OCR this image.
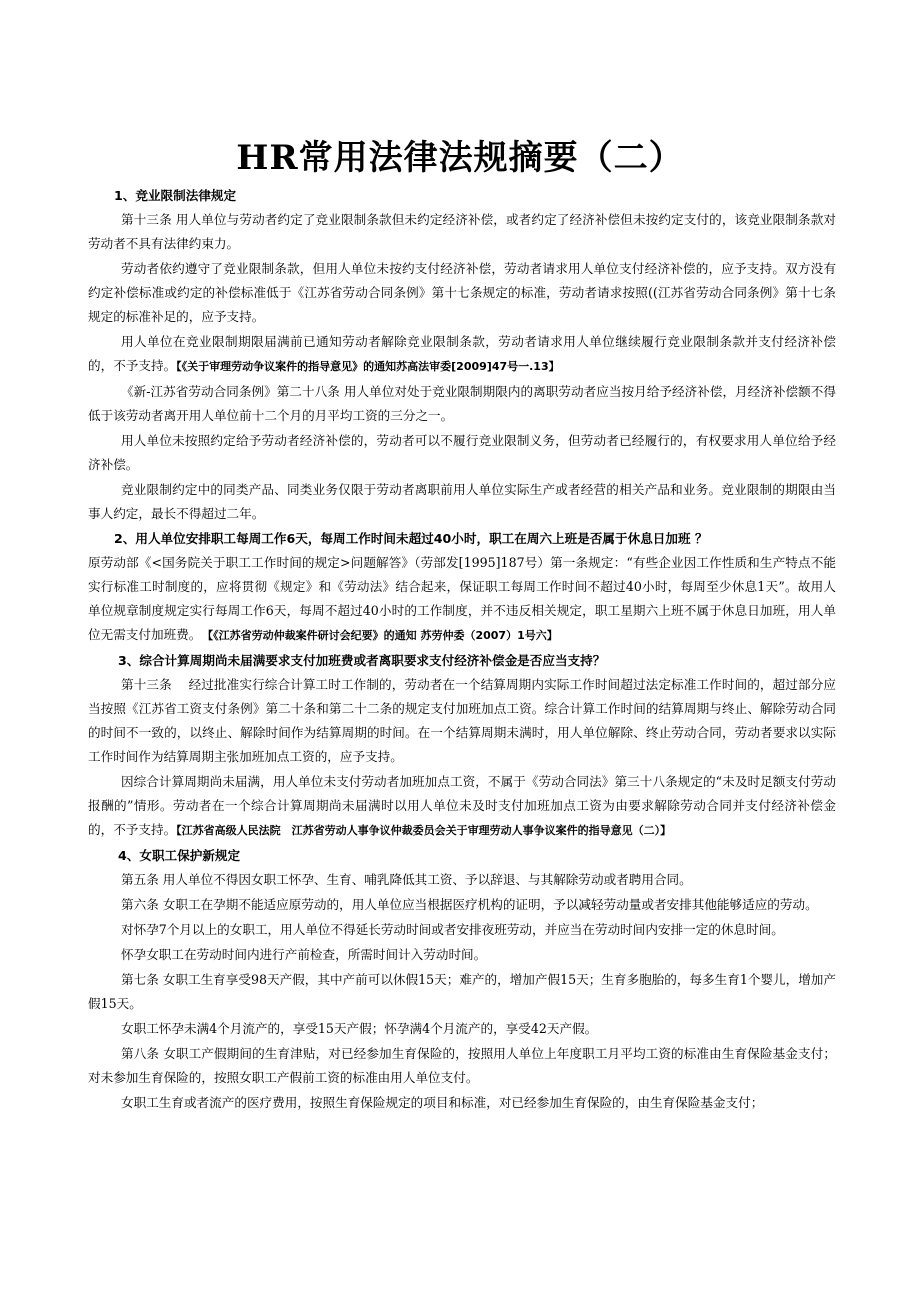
HR常用法律法规摘要（二）
1、竞业限制法律规定

第十三条 用人单位与劳动者约定了竞业限制条款但未约定经济补偿，或者约定了经济补偿但未按约定支付的，该竞业限制条款对劳动者不具有法律约束力。

劳动者依约遵守了竞业限制条款，但用人单位未按约支付经济补偿，劳动者请求用人单位支付经济补偿的，应予支持。双方没有约定补偿标准或约定的补偿标准低于《江苏省劳动合同条例》第十七条规定的标准，劳动者请求按照((江苏省劳动合同条例》第十七条规定的标准补足的，应予支持。

用人单位在竞业限制期限届满前已通知劳动者解除竞业限制条款，劳动者请求用人单位继续履行竞业限制条款并支付经济补偿的，不予支持。【《关于审理劳动争议案件的指导意见》的通知苏高法审委[2009]47号一.13】

《新-江苏省劳动合同条例》第二十八条 用人单位对处于竞业限制期限内的离职劳动者应当按月给予经济补偿，月经济补偿额不得低于该劳动者离开用人单位前十二个月的月平均工资的三分之一。

用人单位未按照约定给予劳动者经济补偿的，劳动者可以不履行竞业限制义务，但劳动者已经履行的，有权要求用人单位给予经济补偿。

竞业限制约定中的同类产品、同类业务仅限于劳动者离职前用人单位实际生产或者经营的相关产品和业务。竞业限制的期限由当事人约定，最长不得超过二年。

2、用人单位安排职工每周工作6天，每周工作时间未超过40小时，职工在周六上班是否属于休息日加班 ？

原劳动部《<国务院关于职工工作时间的规定>问题解答》（劳部发[1995]187号）第一条规定：“有些企业因工作性质和生产特点不能实行标准工时制度的，应将贯彻《规定》和《劳动法》结合起来，保证职工每周工作时间不超过40小时，每周至少休息1天”。故用人单位规章制度规定实行每周工作6天，每周不超过40小时的工作制度，并不违反相关规定，职工星期六上班不属于休息日加班，用人单位无需支付加班费。　 【《江苏省劳动仲裁案件研讨会纪要》的通知 苏劳仲委（2007）1号六】

3、综合计算周期尚未届满要求支付加班费或者离职要求支付经济补偿金是否应当支持？

第十三条　 经过批准实行综合计算工时工作制的，劳动者在一个结算周期内实际工作时间超过法定标准工作时间的，超过部分应当按照《江苏省工资支付条例》第二十条和第二十二条的规定支付加班加点工资。综合计算工作时间的结算周期与终止、解除劳动合同的时间不一致的，以终止、解除时间作为结算周期的时间。在一个结算周期未满时，用人单位解除、终止劳动合同，劳动者要求以实际工作时间作为结算周期主张加班加点工资的，应予支持。

因综合计算周期尚未届满，用人单位未支付劳动者加班加点工资，不属于《劳动合同法》第三十八条规定的“未及时足额支付劳动报酬的”情形。劳动者在一个综合计算周期尚未届满时以用人单位未及时支付加班加点工资为由要求解除劳动合同并支付经济补偿金的，不予支持。【江苏省高级人民法院　江苏省劳动人事争议仲裁委员会关于审理劳动人事争议案件的指导意见（二）】

4、女职工保护新规定

第五条 用人单位不得因女职工怀孕、生育、哺乳降低其工资、予以辞退、与其解除劳动或者聘用合同。

第六条 女职工在孕期不能适应原劳动的，用人单位应当根据医疗机构的证明，予以减轻劳动量或者安排其他能够适应的劳动。

对怀孕7个月以上的女职工，用人单位不得延长劳动时间或者安排夜班劳动，并应当在劳动时间内安排一定的休息时间。

怀孕女职工在劳动时间内进行产前检查，所需时间计入劳动时间。

第七条 女职工生育享受98天产假，其中产前可以休假15天；难产的，增加产假15天；生育多胞胎的，每多生育1个婴儿，增加产假15天。

女职工怀孕未满4个月流产的，享受15天产假；怀孕满4个月流产的，享受42天产假。

第八条 女职工产假期间的生育津贴，对已经参加生育保险的，按照用人单位上年度职工月平均工资的标准由生育保险基金支付；对未参加生育保险的，按照女职工产假前工资的标准由用人单位支付。

女职工生育或者流产的医疗费用，按照生育保险规定的项目和标准，对已经参加生育保险的，由生育保险基金支付；
